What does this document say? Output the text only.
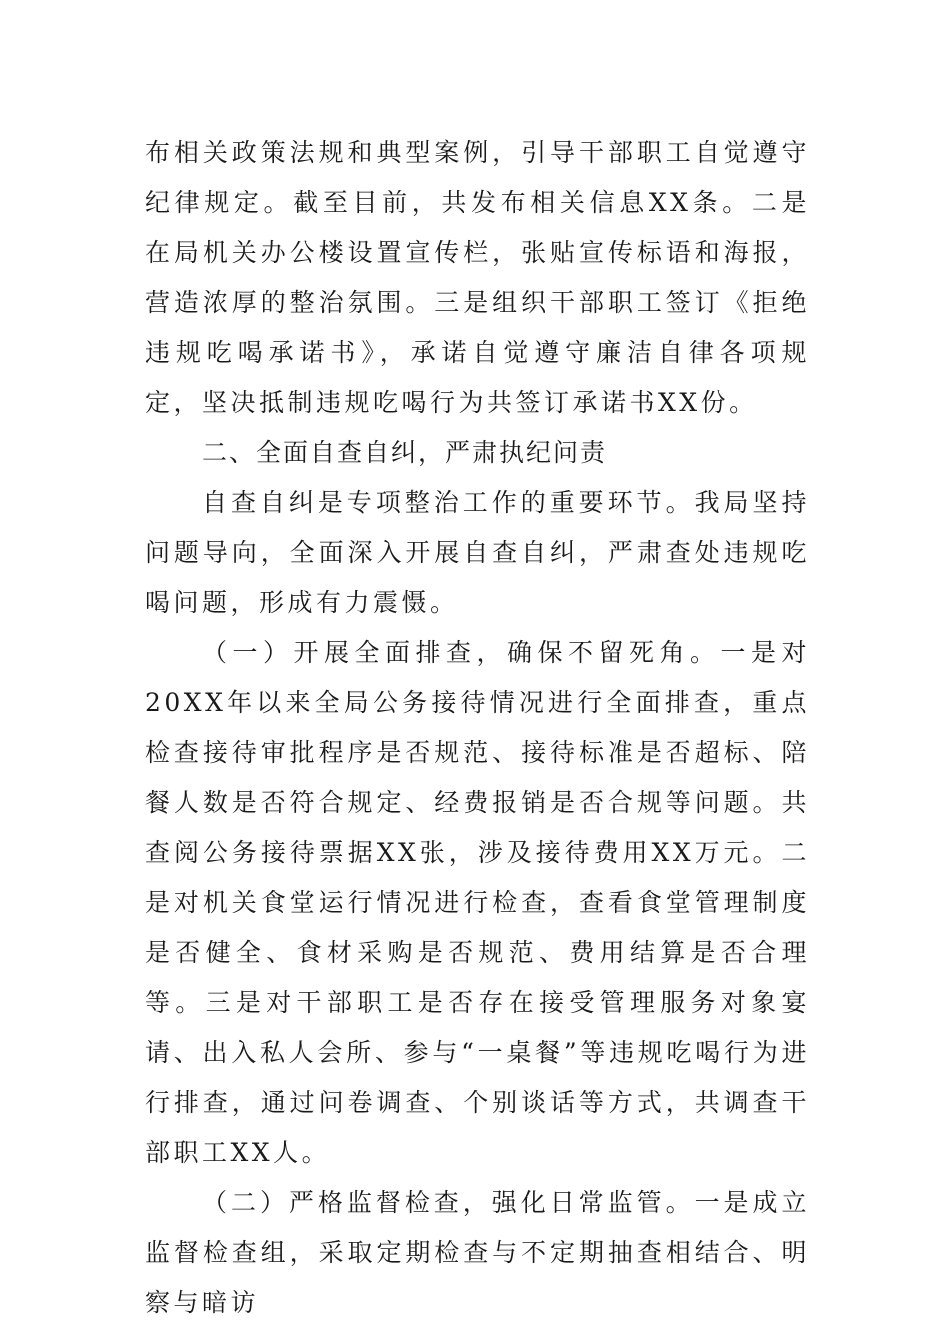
布相关政策法规和典型案例，引导干部职工自觉遵守纪律规定。截至目前，共发布相关信息XX条。二是在局机关办公楼设置宣传栏，张贴宣传标语和海报，营造浓厚的整治氛围。三是组织干部职工签订《拒绝违规吃喝承诺书》，承诺自觉遵守廉洁自律各项规定，坚决抵制违规吃喝行为共签订承诺书XX份。

二、全面自查自纠，严肃执纪问责

自查自纠是专项整治工作的重要环节。我局坚持问题导向，全面深入开展自查自纠，严肃查处违规吃喝问题，形成有力震慑。

（一）开展全面排查，确保不留死角。一是对20XX年以来全局公务接待情况进行全面排查，重点检查接待审批程序是否规范、接待标准是否超标、陪餐人数是否符合规定、经费报销是否合规等问题。共查阅公务接待票据XX张，涉及接待费用XX万元。二是对机关食堂运行情况进行检查，查看食堂管理制度是否健全、食材采购是否规范、费用结算是否合理等。三是对干部职工是否存在接受管理服务对象宴请、出入私人会所、参与“一桌餐”等违规吃喝行为进行排查，通过问卷调查、个别谈话等方式，共调查干部职工XX人。

（二）严格监督检查，强化日常监管。一是成立监督检查组，采取定期检查与不定期抽查相结合、明察与暗访
